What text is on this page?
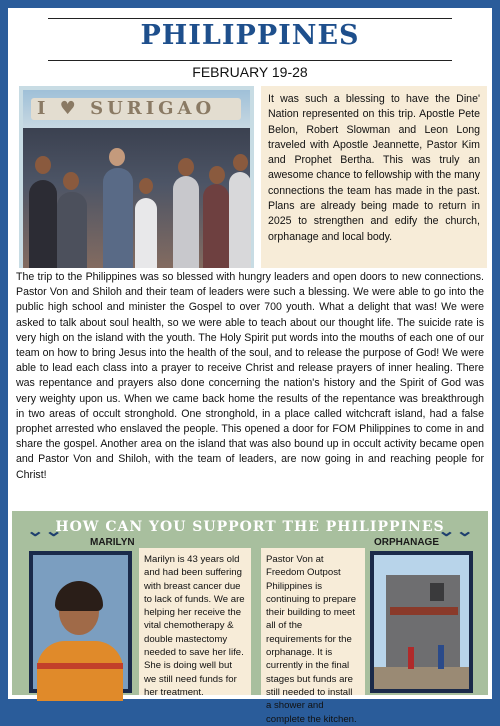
PHILIPPINES
FEBRUARY 19-28
I ♥ SURIGAO	It was such a blessing to have the Dine' Nation represented on this trip. Apostle Pete Belon, Robert Slowman and Leon Long traveled with Apostle Jeannette, Pastor Kim and Prophet Bertha. This was truly an awesome chance to fellowship with the many connections the team has made in the past. Plans are already being made to return in 2025 to strengthen and edify the church, orphanage and local body.
The trip to the Philippines was so blessed with hungry leaders and open doors to new connections. Pastor Von and Shiloh and their team of leaders were such a blessing. We were able to go into the public high school and minister the Gospel to over 700 youth. What a delight that was! We were asked to talk about soul health, so we were able to teach about our thought life. The suicide rate is very high on the island with the youth. The Holy Spirit put words into the mouths of each one of our team on how to bring Jesus into the health of the soul, and to release the purpose of God! We were able to lead each class into a prayer to receive Christ and release prayers of inner healing. There was repentance and prayers also done concerning the nation's history and the Spirit of God was very weighty upon us. When we came back home the results of the repentance was breakthrough in two areas of occult stronghold. One stronghold, in a place called witchcraft island, had a false prophet arrested who enslaved the people. This opened a door for FOM Philippines to come in and share the gospel. Another area on the island that was also bound up in occult activity became open and Pastor Von and Shiloh, with the team of leaders, are now going in and reaching people for Christ!
⌄⌄
HOW CAN YOU SUPPORT THE PHILIPPINES
⌄⌄
MARILYN	ORPHANAGE
Marilyn is 43 years old and had been suffering with breast cancer due to lack of funds. We are helping her receive the vital chemotherapy & double mastectomy needed to save her life. She is doing well but we still need funds for her treatment.
Pastor Von at Freedom Outpost Philippines is continuing to prepare their building to meet all of the requirements for the orphanage. It is currently in the final stages but funds are still needed to install a shower and complete the kitchen.
